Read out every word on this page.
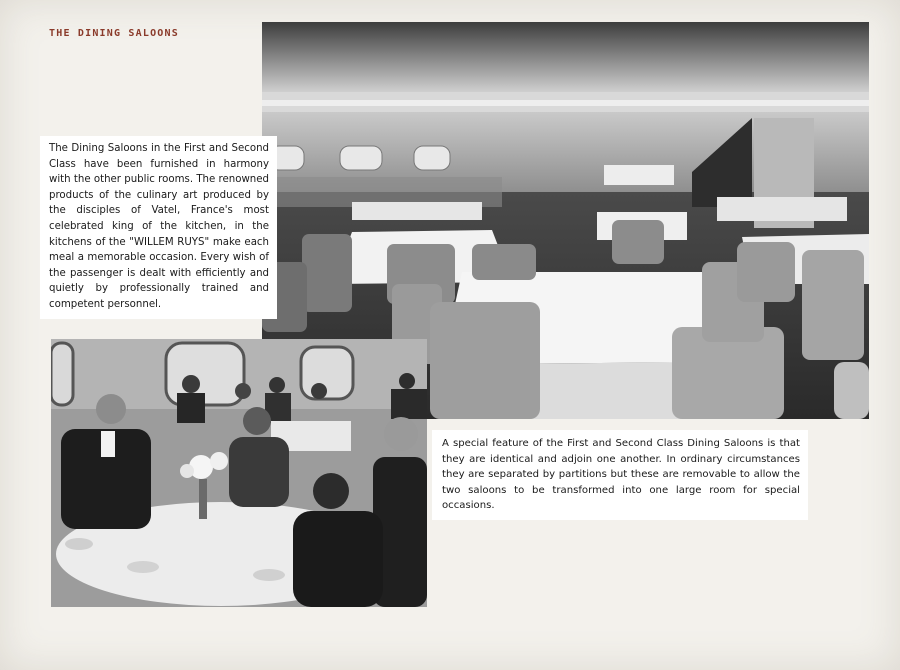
THE DINING SALOONS
The Dining Saloons in the First and Second Class have been furnished in harmony with the other public rooms. The renowned products of the culinary art produced by the disciples of Vatel, France's most celebrated king of the kitchen, in the kitchens of the "WILLEM RUYS" make each meal a memorable occasion. Every wish of the passenger is dealt with efficiently and quietly by professionally trained and competent personnel.
A special feature of the First and Second Class Dining Saloons is that they are identical and adjoin one another. In ordinary circumstances they are separated by partitions but these are removable to allow the two saloons to be transformed into one large room for special occasions.
